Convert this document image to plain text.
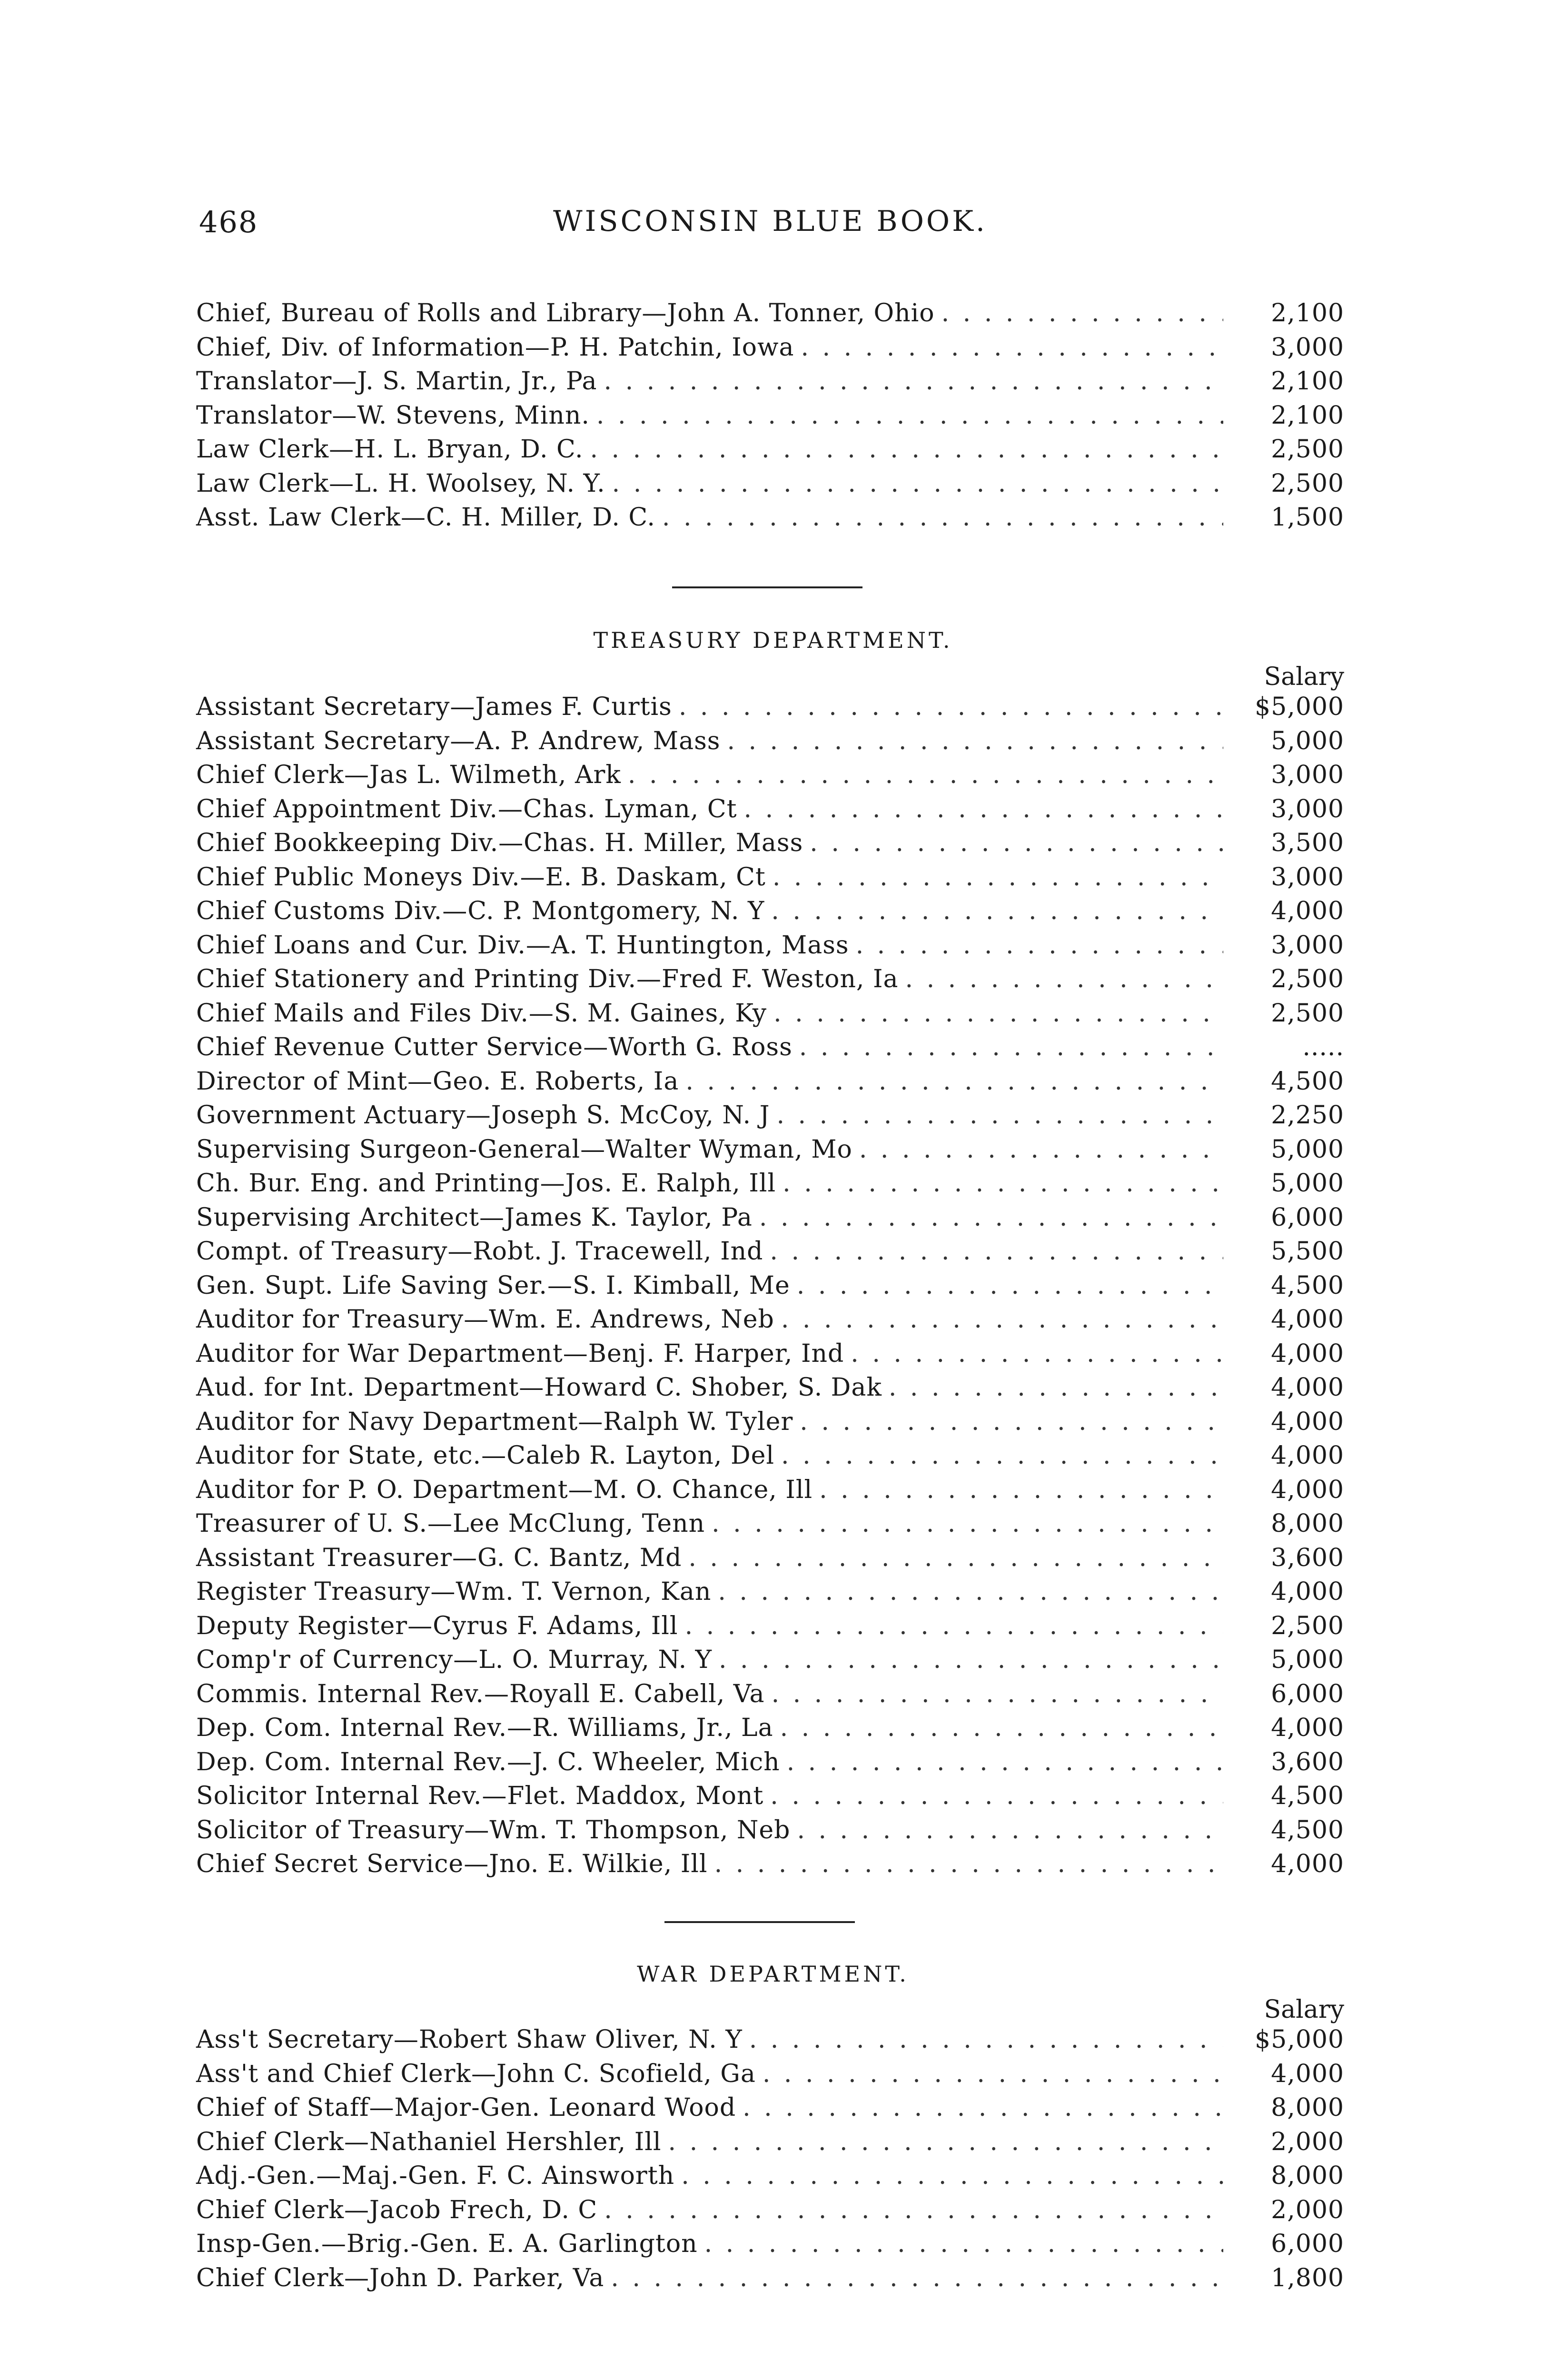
468	WISCONSIN BLUE BOOK.
Chief, Bureau of Rolls and Library—John A. Tonner, Ohio . . .	2,100
Chief, Div. of Information—P. H. Patchin, Iowa . . .	3,000
Translator—J. S. Martin, Jr., Pa . . .	2,100
Translator—W. Stevens, Minn. . . .	2,100
Law Clerk—H. L. Bryan, D. C. . . .	2,500
Law Clerk—L. H. Woolsey, N. Y. . . .	2,500
Asst. Law Clerk—C. H. Miller, D. C. . . .	1,500
TREASURY DEPARTMENT.
Salary
Assistant Secretary—James F. Curtis . . .	$5,000
Assistant Secretary—A. P. Andrew, Mass . . .	5,000
Chief Clerk—Jas L. Wilmeth, Ark . . .	3,000
Chief Appointment Div.—Chas. Lyman, Ct . . .	3,000
Chief Bookkeeping Div.—Chas. H. Miller, Mass . . .	3,500
Chief Public Moneys Div.—E. B. Daskam, Ct . . .	3,000
Chief Customs Div.—C. P. Montgomery, N. Y . . .	4,000
Chief Loans and Cur. Div.—A. T. Huntington, Mass . . .	3,000
Chief Stationery and Printing Div.—Fred F. Weston, Ia . . .	2,500
Chief Mails and Files Div.—S. M. Gaines, Ky . . .	2,500
Chief Revenue Cutter Service—Worth G. Ross . . .	.....
Director of Mint—Geo. E. Roberts, Ia . . .	4,500
Government Actuary—Joseph S. McCoy, N. J . . .	2,250
Supervising Surgeon-General—Walter Wyman, Mo . . .	5,000
Ch. Bur. Eng. and Printing—Jos. E. Ralph, Ill . . .	5,000
Supervising Architect—James K. Taylor, Pa . . .	6,000
Compt. of Treasury—Robt. J. Tracewell, Ind . . .	5,500
Gen. Supt. Life Saving Ser.—S. I. Kimball, Me . . .	4,500
Auditor for Treasury—Wm. E. Andrews, Neb . . .	4,000
Auditor for War Department—Benj. F. Harper, Ind . . .	4,000
Aud. for Int. Department—Howard C. Shober, S. Dak . . .	4,000
Auditor for Navy Department—Ralph W. Tyler . . .	4,000
Auditor for State, etc.—Caleb R. Layton, Del . . .	4,000
Auditor for P. O. Department—M. O. Chance, Ill . . .	4,000
Treasurer of U. S.—Lee McClung, Tenn . . .	8,000
Assistant Treasurer—G. C. Bantz, Md . . .	3,600
Register Treasury—Wm. T. Vernon, Kan . . .	4,000
Deputy Register—Cyrus F. Adams, Ill . . .	2,500
Comp'r of Currency—L. O. Murray, N. Y . . .	5,000
Commis. Internal Rev.—Royall E. Cabell, Va . . .	6,000
Dep. Com. Internal Rev.—R. Williams, Jr., La . . .	4,000
Dep. Com. Internal Rev.—J. C. Wheeler, Mich . . .	3,600
Solicitor Internal Rev.—Flet. Maddox, Mont . . .	4,500
Solicitor of Treasury—Wm. T. Thompson, Neb . . .	4,500
Chief Secret Service—Jno. E. Wilkie, Ill . . .	4,000
WAR DEPARTMENT.
Salary
Ass't Secretary—Robert Shaw Oliver, N. Y . . .	$5,000
Ass't and Chief Clerk—John C. Scofield, Ga . . .	4,000
Chief of Staff—Major-Gen. Leonard Wood . . .	8,000
Chief Clerk—Nathaniel Hershler, Ill . . .	2,000
Adj.-Gen.—Maj.-Gen. F. C. Ainsworth . . .	8,000
Chief Clerk—Jacob Frech, D. C . . .	2,000
Insp-Gen.—Brig.-Gen. E. A. Garlington . . .	6,000
Chief Clerk—John D. Parker, Va . . .	1,800
